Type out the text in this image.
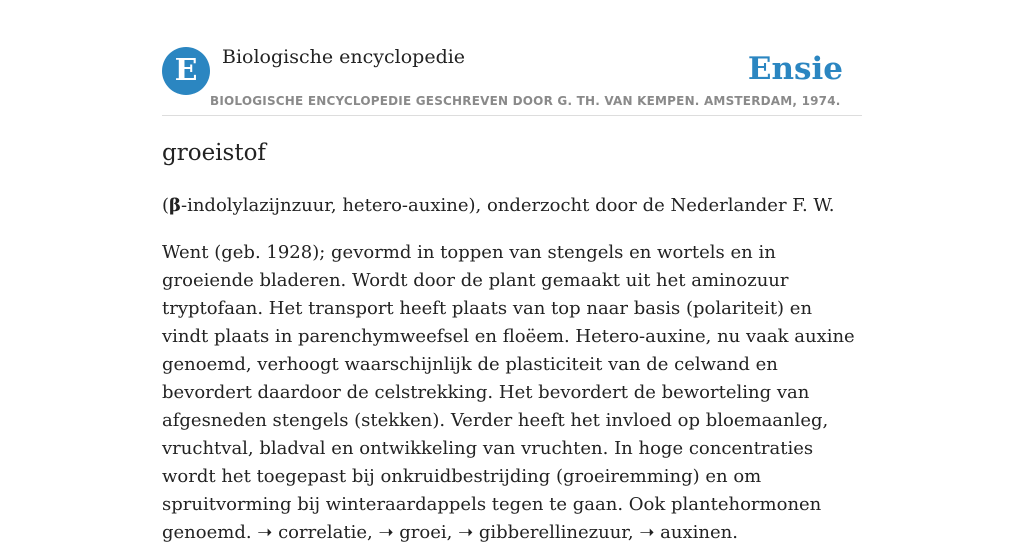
E Biologische encyclopedie	Ensie
BIOLOGISCHE ENCYCLOPEDIE GESCHREVEN DOOR G. TH. VAN KEMPEN. AMSTERDAM, 1974.
groeistof

(β-indolylazijnzuur, hetero-auxine), onderzocht door de Nederlander F. W.

Went (geb. 1928); gevormd in toppen van stengels en wortels en in groeiende bladeren. Wordt door de plant gemaakt uit het aminozuur tryptofaan. Het transport heeft plaats van top naar basis (polariteit) en vindt plaats in parenchymweefsel en floëem. Hetero-auxine, nu vaak auxine genoemd, verhoogt waarschijnlijk de plasticiteit van de celwand en bevordert daardoor de celstrekking. Het bevordert de beworteling van afgesneden stengels (stekken). Verder heeft het invloed op bloemaanleg, vruchtval, bladval en ontwikkeling van vruchten. In hoge concentraties wordt het toegepast bij onkruidbestrijding (groeiremming) en om spruitvorming bij winteraardappels tegen te gaan. Ook plantehormonen genoemd. ➝ correlatie, ➝ groei, ➝ gibberellinezuur, ➝ auxinen.
